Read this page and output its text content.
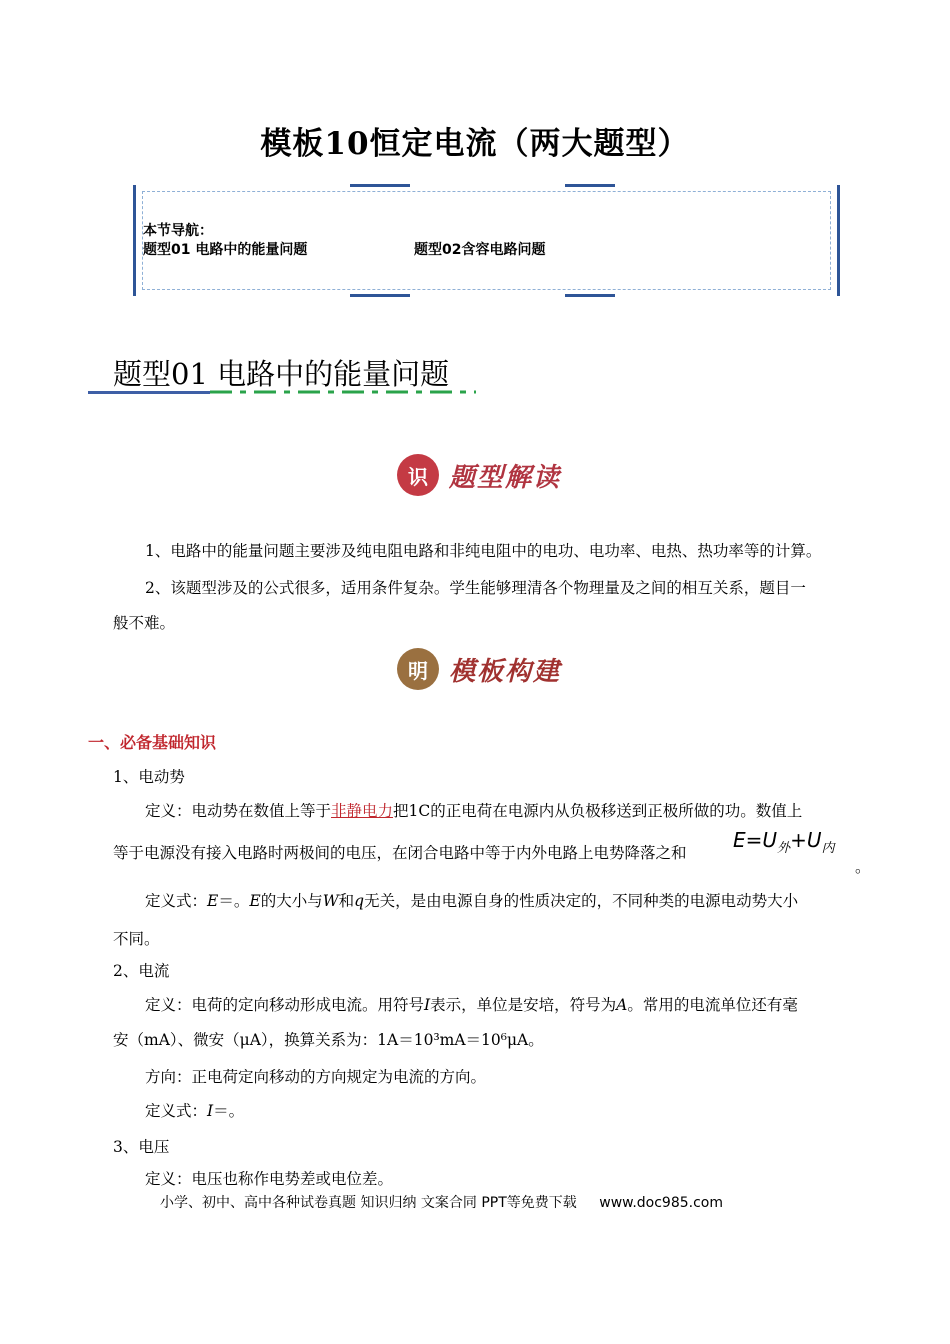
模板10恒定电流（两大题型）
本节导航：
题型01 电路中的能量问题	题型02含容电路问题
题型01 电路中的能量问题
识 题型解读
1、电路中的能量问题主要涉及纯电阻电路和非纯电阻中的电功、电功率、电热、热功率等的计算。
2、该题型涉及的公式很多，适用条件复杂。学生能够理清各个物理量及之间的相互关系，题目一
般不难。
明 模板构建
一、必备基础知识
1、电动势
定义：电动势在数值上等于非静电力把1C的正电荷在电源内从负极移送到正极所做的功。数值上
等于电源没有接入电路时两极间的电压，在闭合电路中等于内外电路上电势降落之和
$E=U_外+U_内$
。
定义式：E＝。E的大小与W和q无关，是由电源自身的性质决定的，不同种类的电源电动势大小
不同。
2、电流
定义：电荷的定向移动形成电流。用符号I表示，单位是安培，符号为A。常用的电流单位还有毫
安（mA）、微安（μA），换算关系为：1A＝10³mA＝10⁶μA。
方向：正电荷定向移动的方向规定为电流的方向。
定义式：I＝。
3、电压
定义：电压也称作电势差或电位差。
小学、初中、高中各种试卷真题 知识归纳 文案合同 PPT等免费下载 www.doc985.com
